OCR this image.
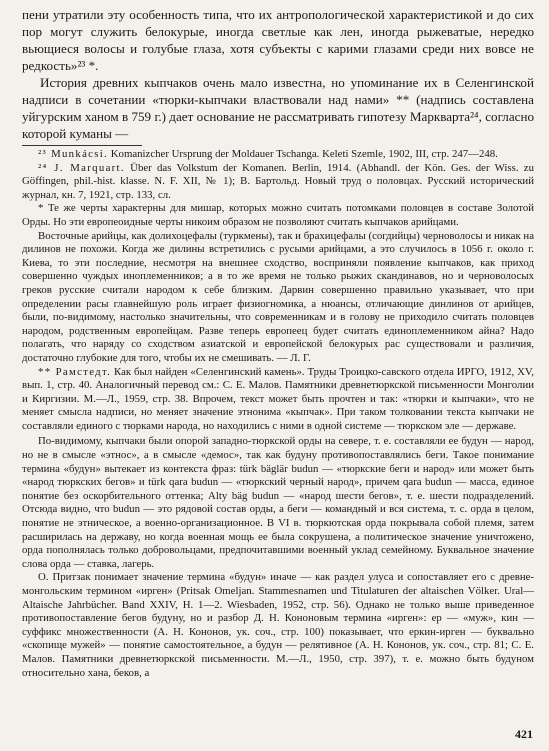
пени утратили эту особенность типа, что их антропологической характеристикой и до сих пор могут служить белокурые, иногда светлые как лен, иногда рыжеватые, нередко вьющиеся волосы и голубые глаза, хотя субъекты с карими глазами среди них вовсе не редкость»²³ *.

История древних кыпчаков очень мало известна, но упоминание их в Селенгинской надписи в сочетании «тюрки-кыпчаки властвовали над нами» ** (надпись составлена уйгурским ханом в 759 г.) дает основание не рассматривать гипотезу Маркварта²⁴, согласно которой куманы —

²³ Munkácsi. Komanizcher Ursprung der Moldauer Tschanga. Keleti Szemle, 1902, III, стр. 247—248.

²⁴ J. Marquart. Über das Volkstum der Komanen. Berlin, 1914. (Abhandl. der Kön. Ges. der Wiss. zu Göffingen, phil.-hist. klasse. N. F. XII, № 1); В. Бартольд. Новый труд о половцах. Русский исторический журнал, кн. 7, 1921, стр. 133, сл.

* Те же черты характерны для мишар, которых можно считать потомками половцев в составе Золотой Орды. Но эти европеоидные черты никоим образом не позволяют считать кыпчаков арийцами.

Восточные арийцы, как долихоцефалы (туркмены), так и брахицефалы (согдийцы) черноволосы и никак на дилинов не похожи. Когда же дилины встретились с русыми арийцами, а это случилось в 1056 г. около г. Киева, то эти последние, несмотря на внешнее сходство, восприняли появление кыпчаков, как приход совершенно чуждых иноплеменников; а в то же время не только рыжих скандинавов, но и черноволосых греков русские считали народом к себе близким. Дарвин совершенно правильно указывает, что при определении расы главнейшую роль играет физиогномика, а нюансы, отличающие динлинов от арийцев, были, по-видимому, настолько значительны, что современникам и в голову не приходило считать половцев народом, родственным европейцам. Разве теперь европеец будет считать единоплеменником айна? Надо полагать, что наряду со сходством азиатской и европейской белокурых рас существовали и различия, достаточно глубокие для того, чтобы их не смешивать. — Л. Г.

** Рамстедт. Как был найден «Селенгинский камень». Труды Троицко-савского отдела ИРГО, 1912, XV, вып. 1, стр. 40. Аналогичный перевод см.: С. Е. Малов. Памятники древнетюркской письменности Монголии и Киргизии. М.—Л., 1959, стр. 38. Впрочем, текст может быть прочтен и так: «тюрки и кыпчаки», что не меняет смысла надписи, но меняет значение этнонима «кыпчак». При таком толковании текста кыпчаки не составляли единого с тюрками народа, но находились с ними в одной системе — тюркском эле — державе.

По-видимому, кыпчаки были опорой западно-тюркской орды на севере, т. е. составляли ее будун — народ, но не в смысле «этнос», а в смысле «демос», так как будуну противопоставлялись беги. Такое понимание термина «будун» вытекает из контекста фраз: türk bäglär budun — «тюркские беги и народ» или может быть «народ тюркских бегов» и türk qara budun — «тюркский черный народ», причем qara budun — масса, единое понятие без оскорбительного оттенка; Altу bäg budun — «народ шести бегов», т. е. шести подразделений. Отсюда видно, что budun — это рядовой состав орды, а беги — командный и вся система, т. с. орда в целом, понятие не этническое, а военно-организационное. В VI в. тюркютская орда покрывала собой племя, затем расширилась на державу, но когда военная мощь ее была сокрушена, а политическое значение уничтожено, орда пополнялась только добровольцами, предпочитавшими военный уклад семейному. Буквальное значение слова орда — ставка, лагерь.

О. Притзак понимает значение термина «будун» иначе — как раздел улуса и сопоставляет его с древне-монгольским термином «ирген» (Pritsak Omeljan. Stammesnamen und Titulaturen der altaischen Völker. Ural—Altaische Jahrbücher. Band XXIV, H. 1—2. Wiesbaden, 1952, стр. 56). Однако не только выше приведенное противопоставление бегов будуну, но и разбор Д. Н. Кононовым термина «ирген»: ер — «муж», кин — суффикс множественности (А. Н. Кононов, ук. соч., стр. 100) показывает, что еркин-ирген — буквально «скопище мужей» — понятие самостоятельное, а будун — релятивное (А. Н. Кононов, ук. соч., стр. 81; С. Е. Малов. Памятники древнетюркской письменности. М.—Л., 1950, стр. 397), т. е. можно быть будуном относительно хана, беков, а

421
